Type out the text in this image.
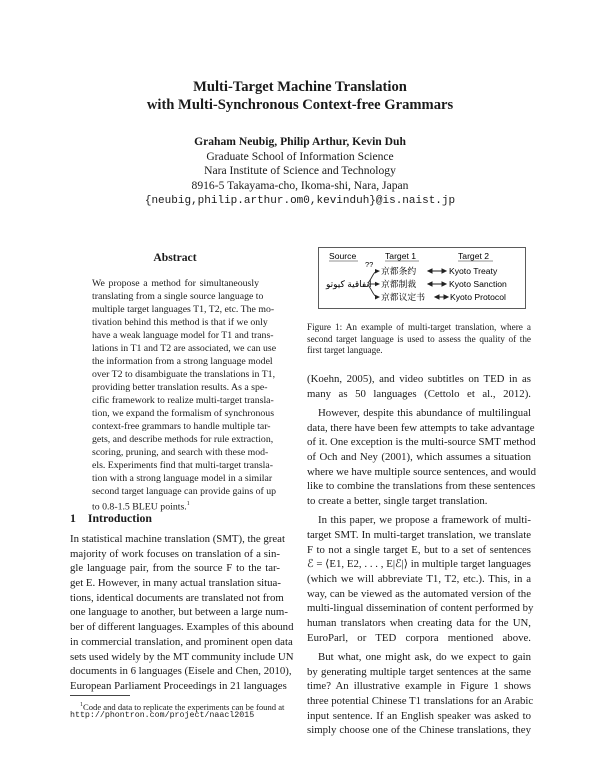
Multi-Target Machine Translation
with Multi-Synchronous Context-free Grammars
Graham Neubig, Philip Arthur, Kevin Duh
Graduate School of Information Science
Nara Institute of Science and Technology
8916-5 Takayama-cho, Ikoma-shi, Nara, Japan
{neubig,philip.arthur.om0,kevinduh}@is.naist.jp
Abstract
We propose a method for simultaneously
translating from a single source language to
multiple target languages T1, T2, etc. The mo-
tivation behind this method is that if we only
have a weak language model for T1 and trans-
lations in T1 and T2 are associated, we can use
the information from a strong language model
over T2 to disambiguate the translations in T1,
providing better translation results. As a spe-
cific framework to realize multi-target transla-
tion, we expand the formalism of synchronous
context-free grammars to handle multiple tar-
gets, and describe methods for rule extraction,
scoring, pruning, and search with these mod-
els. Experiments find that multi-target transla-
tion with a strong language model in a similar
second target language can provide gains of up
to 0.8-1.5 BLEU points.$^1$
1 Introduction
In statistical machine translation (SMT), the great
majority of work focuses on translation of a sin-
gle language pair, from the source F to the tar-
get E. However, in many actual translation situa-
tions, identical documents are translated not from
one language to another, but between a large num-
ber of different languages. Examples of this abound
in commercial translation, and prominent open data
sets used widely by the MT community include UN
documents in 6 languages (Eisele and Chen, 2010),
European Parliament Proceedings in 21 languages
$^1$Code and data to replicate the experiments can be found at
http://phontron.com/project/naacl2015
Source	Target 1	Target 2
??
اتفاقية كيوتو
京都条约
京都制裁
京都议定书
Kyoto Treaty
Kyoto Sanction
Kyoto Protocol
Figure 1: An example of multi-target translation, where a
second target language is used to assess the quality of the
first target language.
(Koehn, 2005), and video subtitles on TED in as
many as 50 languages (Cettolo et al., 2012).
However, despite this abundance of multilingual
data, there have been few attempts to take advantage
of it. One exception is the multi-source SMT method
of Och and Ney (2001), which assumes a situation
where we have multiple source sentences, and would
like to combine the translations from these sentences
to create a better, single target translation.
In this paper, we propose a framework of multi-
target SMT. In multi-target translation, we translate
F to not a single target E, but to a set of sentences
ℰ = ⟨E1, E2, . . . , E|ℰ|⟩ in multiple target languages
(which we will abbreviate T1, T2, etc.). This, in a
way, can be viewed as the automated version of the
multi-lingual dissemination of content performed by
human translators when creating data for the UN,
EuroParl, or TED corpora mentioned above.
But what, one might ask, do we expect to gain
by generating multiple target sentences at the same
time? An illustrative example in Figure 1 shows
three potential Chinese T1 translations for an Arabic
input sentence. If an English speaker was asked to
simply choose one of the Chinese translations, they
